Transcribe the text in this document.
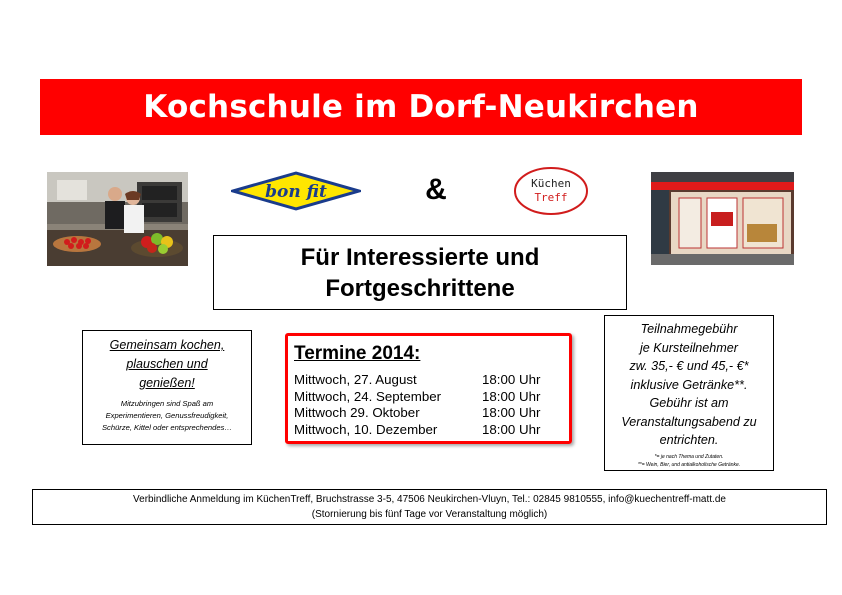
Kochschule im Dorf-Neukirchen
bon fit	&	Küchen
Treff
Für Interessierte und
Fortgeschrittene
Gemeinsam kochen,
plauschen und
genießen!
Mitzubringen sind Spaß am
Experimentieren, Genussfreudigkeit,
Schürze, Kittel oder entsprechendes…
Termine 2014:
Mittwoch, 27. August	18:00 Uhr
Mittwoch, 24. September	18:00 Uhr
Mittwoch 29. Oktober	18:00 Uhr
Mittwoch, 10. Dezember	18:00 Uhr
Teilnahmegebühr
je Kursteilnehmer
zw. 35,- € und 45,- €*
inklusive Getränke**.
Gebühr ist am
Veranstaltungsabend zu
entrichten.
*= je nach Thema und Zutaten.
**= Wein, Bier, und antialkoholische Getränke.
Verbindliche Anmeldung im KüchenTreff, Bruchstrasse 3-5, 47506 Neukirchen-Vluyn, Tel.: 02845 9810555, info@kuechentreff-matt.de
(Stornierung bis fünf Tage vor Veranstaltung möglich)
